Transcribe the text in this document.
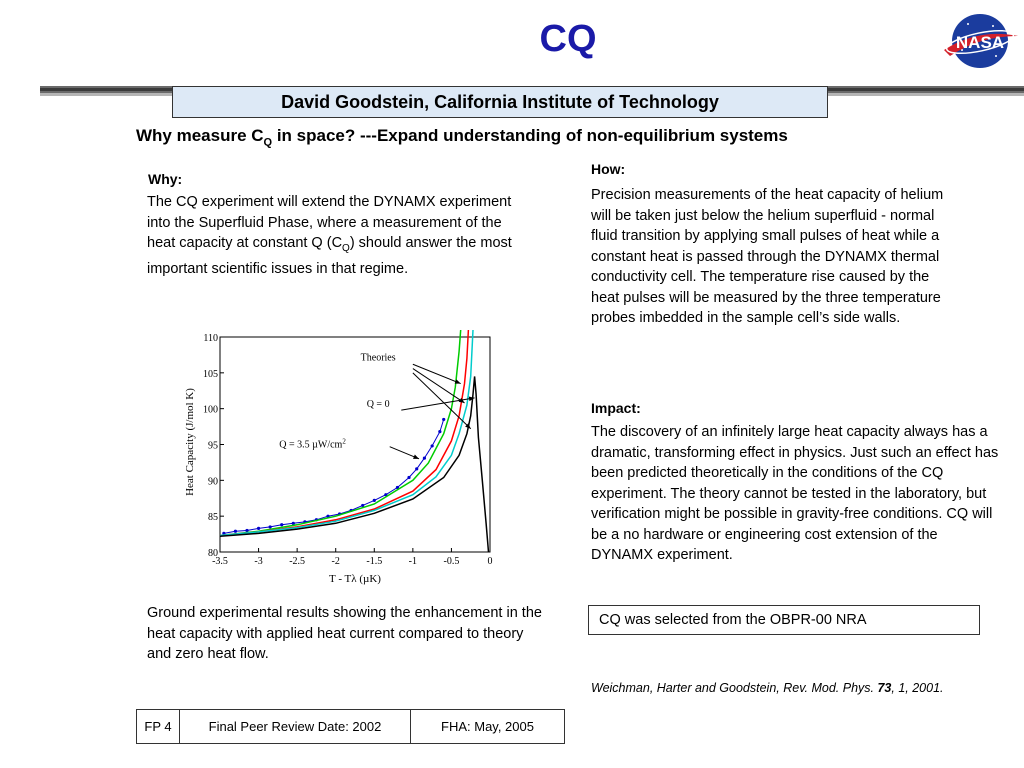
CQ	NASA
David Goodstein, California Institute of Technology
Why measure $C_Q$ in space? ---Expand understanding of non-equilibrium systems
Why:
The CQ experiment will extend the DYNAMX experiment into the Superfluid Phase, where a measurement of the heat capacity at constant Q $(C_Q)$ should answer the most important scientific issues in that regime.
How:
Precision measurements of the heat capacity of helium will be taken just below the helium superfluid - normal fluid transition by applying small pulses of heat while a constant heat is passed through the DYNAMX thermal conductivity cell. The temperature rise caused by the heat pulses will be measured by the three temperature probes imbedded in the sample cell’s side walls.
Impact:
The discovery of an infinitely large heat capacity always has a dramatic, transforming effect in physics. Just such an effect has been predicted theoretically in the conditions of the CQ experiment. The theory cannot be tested in the laboratory, but verification might be possible in gravity-free conditions. CQ will be a no hardware or engineering cost extension of the DYNAMX experiment.
-3.5	-3	-2.5	-2	-1.5	-1	-0.5	0
80
85
90
95
100
105
110
Heat Capacity (J/mol K)
T - Tλ (µK)
Theories
Q = 0
Q = 3.5 $\mu W/cm^2$
Ground experimental results showing the enhancement in the heat capacity with applied heat current compared to theory and zero heat flow.
CQ was selected from the OBPR-00 NRA
Weichman, Harter and Goodstein, Rev. Mod. Phys. 73, 1, 2001.
FP 4	Final Peer Review Date: 2002	FHA: May, 2005
